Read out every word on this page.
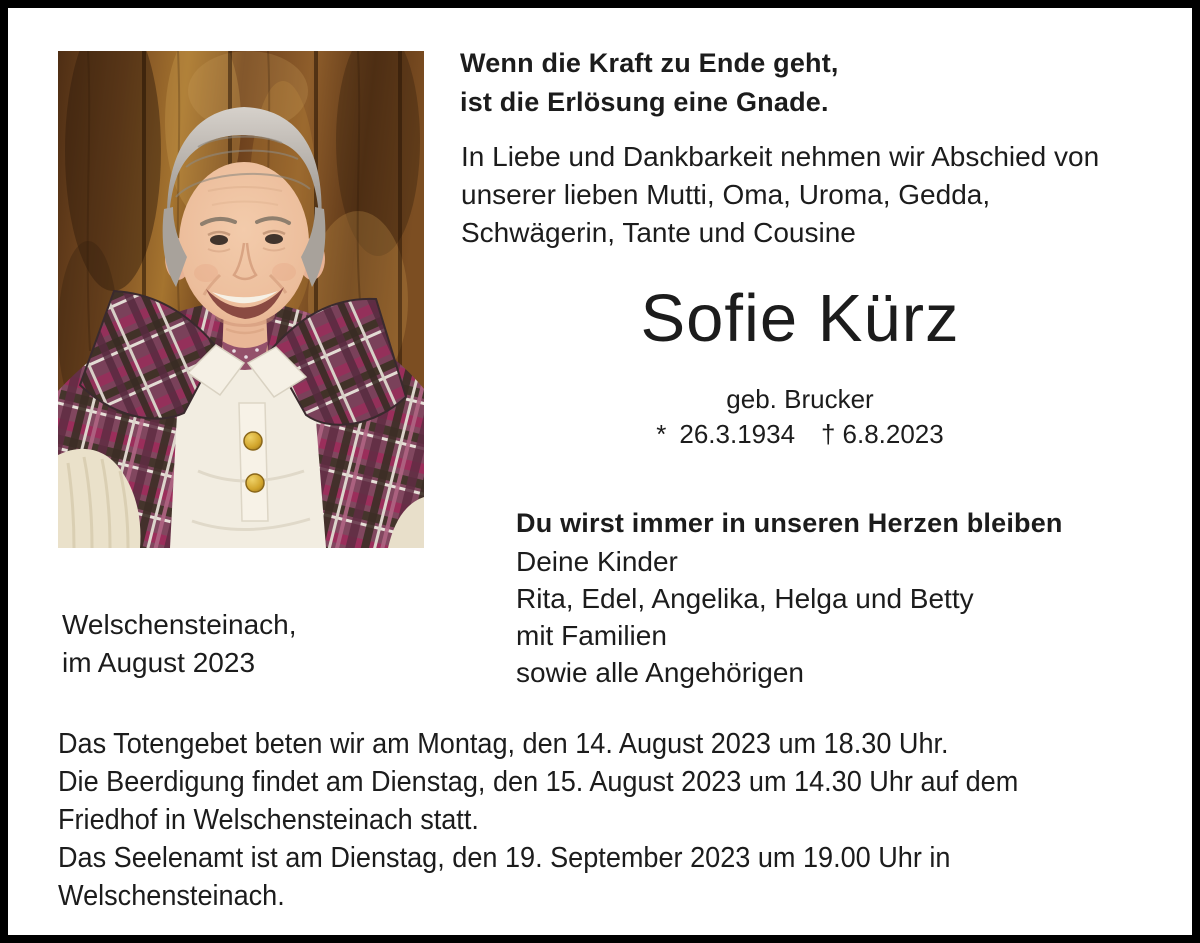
Wenn die Kraft zu Ende geht,
ist die Erlösung eine Gnade.
In Liebe und Dankbarkeit nehmen wir Abschied von
unserer lieben Mutti, Oma, Uroma, Gedda,
Schwägerin, Tante und Cousine
Sofie Kürz
geb. Brucker
* 26.3.1934 † 6.8.2023
Du wirst immer in unseren Herzen bleiben
Deine Kinder
Rita, Edel, Angelika, Helga und Betty
mit Familien
sowie alle Angehörigen
Welschensteinach,
im August 2023
Das Totengebet beten wir am Montag, den 14. August 2023 um 18.30 Uhr.
Die Beerdigung findet am Dienstag, den 15. August 2023 um 14.30 Uhr auf dem
Friedhof in Welschensteinach statt.
Das Seelenamt ist am Dienstag, den 19. September 2023 um 19.00 Uhr in
Welschensteinach.
